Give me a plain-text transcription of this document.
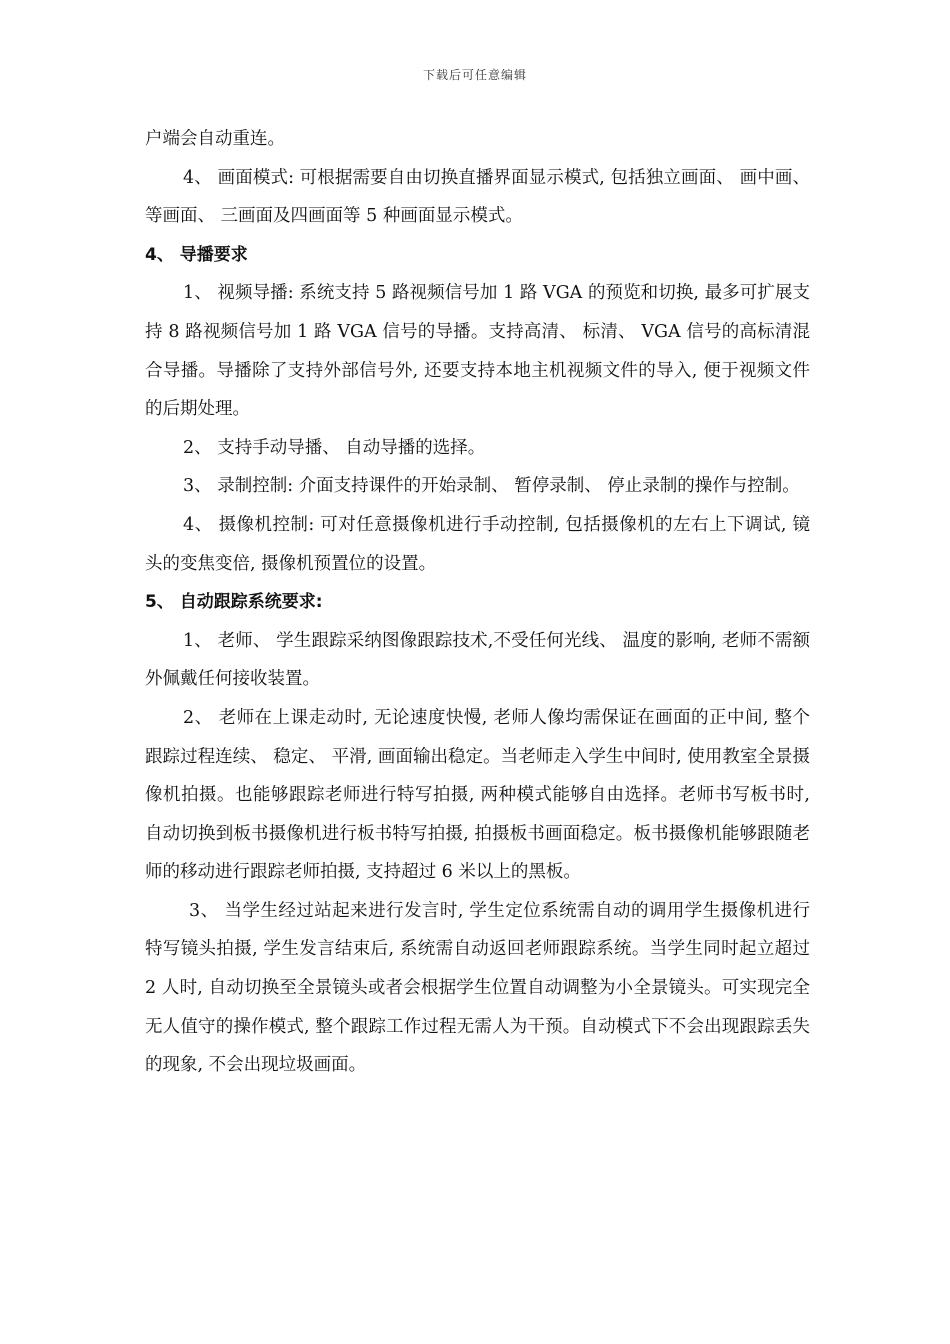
下载后可任意编辑

户端会自动重连。

4、 画面模式: 可根据需要自由切换直播界面显示模式, 包括独立画面、 画中画、 等画面、 三画面及四画面等 5 种画面显示模式。

4、 导播要求

1、 视频导播: 系统支持 5 路视频信号加 1 路 VGA 的预览和切换, 最多可扩展支持 8 路视频信号加 1 路 VGA 信号的导播。支持高清、 标清、 VGA 信号的高标清混合导播。导播除了支持外部信号外, 还要支持本地主机视频文件的导入, 便于视频文件的后期处理。

2、 支持手动导播、 自动导播的选择。

3、 录制控制: 介面支持课件的开始录制、 暂停录制、 停止录制的操作与控制。

4、 摄像机控制: 可对任意摄像机进行手动控制, 包括摄像机的左右上下调试, 镜头的变焦变倍, 摄像机预置位的设置。

5、 自动跟踪系统要求:

1、 老师、 学生跟踪采纳图像跟踪技术,不受任何光线、 温度的影响, 老师不需额外佩戴任何接收装置。

2、 老师在上课走动时, 无论速度快慢, 老师人像均需保证在画面的正中间, 整个跟踪过程连续、 稳定、 平滑, 画面输出稳定。当老师走入学生中间时, 使用教室全景摄像机拍摄。也能够跟踪老师进行特写拍摄, 两种模式能够自由选择。老师书写板书时, 自动切换到板书摄像机进行板书特写拍摄, 拍摄板书画面稳定。板书摄像机能够跟随老师的移动进行跟踪老师拍摄, 支持超过 6 米以上的黑板。

3、 当学生经过站起来进行发言时, 学生定位系统需自动的调用学生摄像机进行特写镜头拍摄, 学生发言结束后, 系统需自动返回老师跟踪系统。当学生同时起立超过 2 人时, 自动切换至全景镜头或者会根据学生位置自动调整为小全景镜头。可实现完全无人值守的操作模式, 整个跟踪工作过程无需人为干预。自动模式下不会出现跟踪丢失的现象, 不会出现垃圾画面。
